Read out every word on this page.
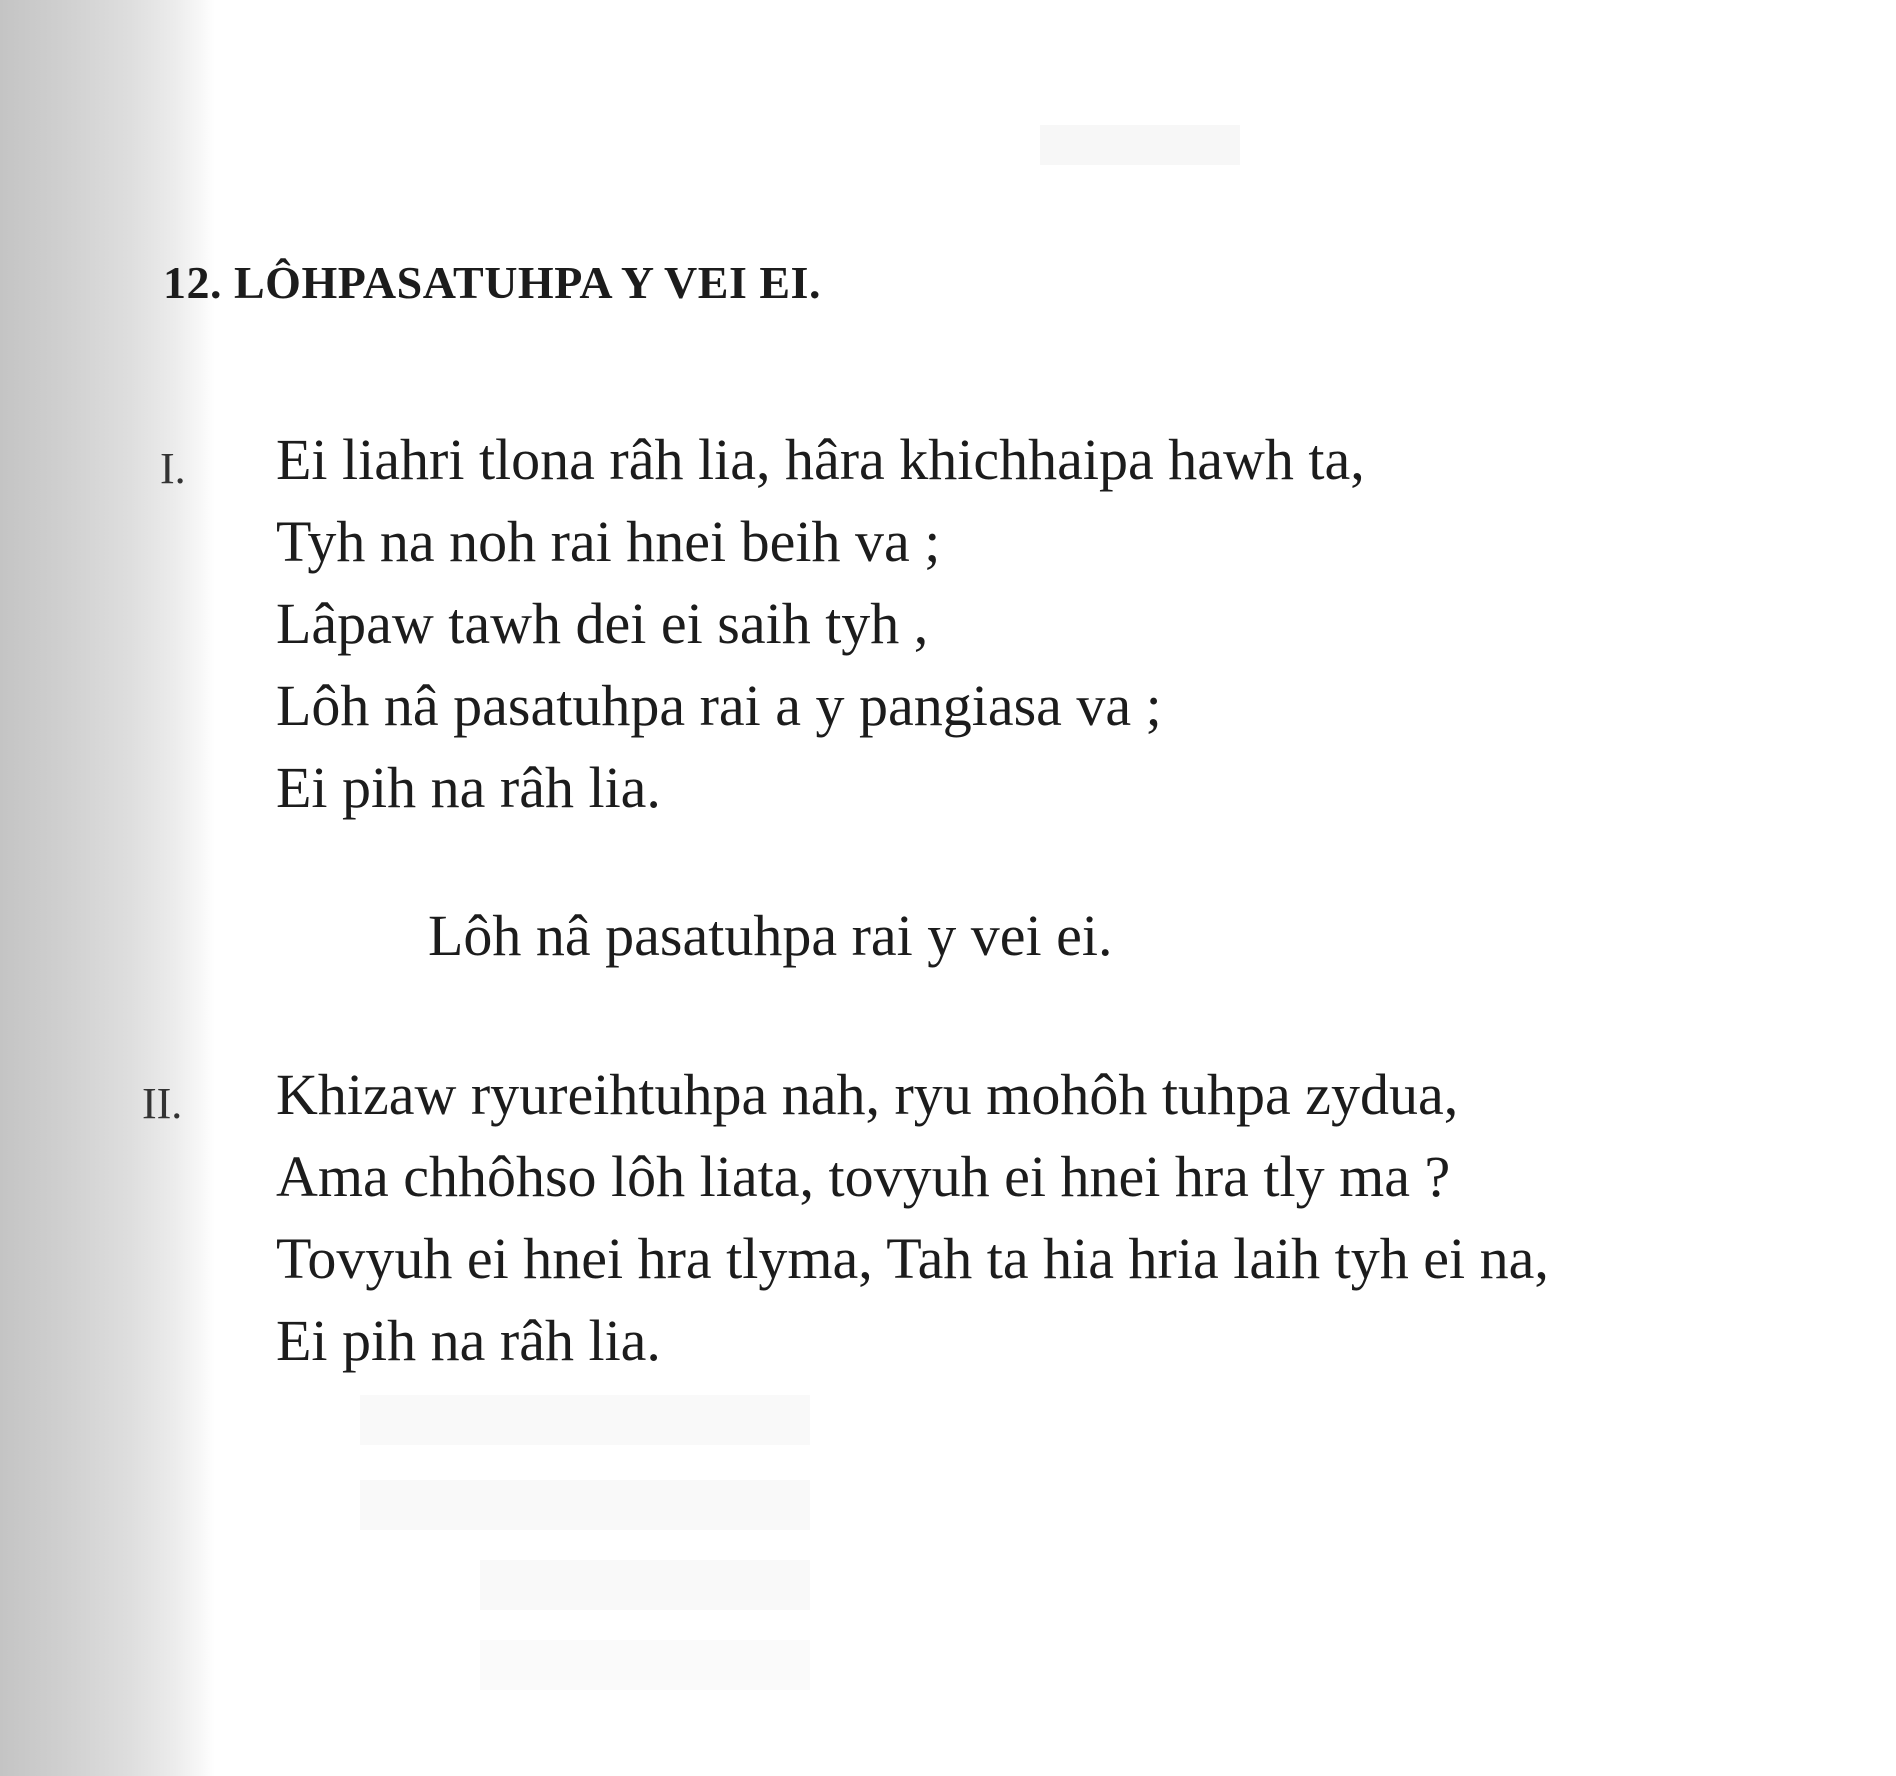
12. LÔHPASATUHPA Y VEI EI.
I. Ei liahri tlona râh lia, hâra khichhaipa hawh ta,
Tyh na noh rai hnei beih va ;
Lâpaw tawh dei ei saih tyh ,
Lôh nâ pasatuhpa rai a y pangiasa va ;
Ei pih na râh lia.
Lôh nâ pasatuhpa rai y vei ei.
II. Khizaw ryureihtuhpa nah, ryu mohôh tuhpa zydua,
Ama chhôhso lôh liata, tovyuh ei hnei hra tly ma ?
Tovyuh ei hnei hra tlyma, Tah ta hia hria laih tyh ei na,
Ei pih na râh lia.
